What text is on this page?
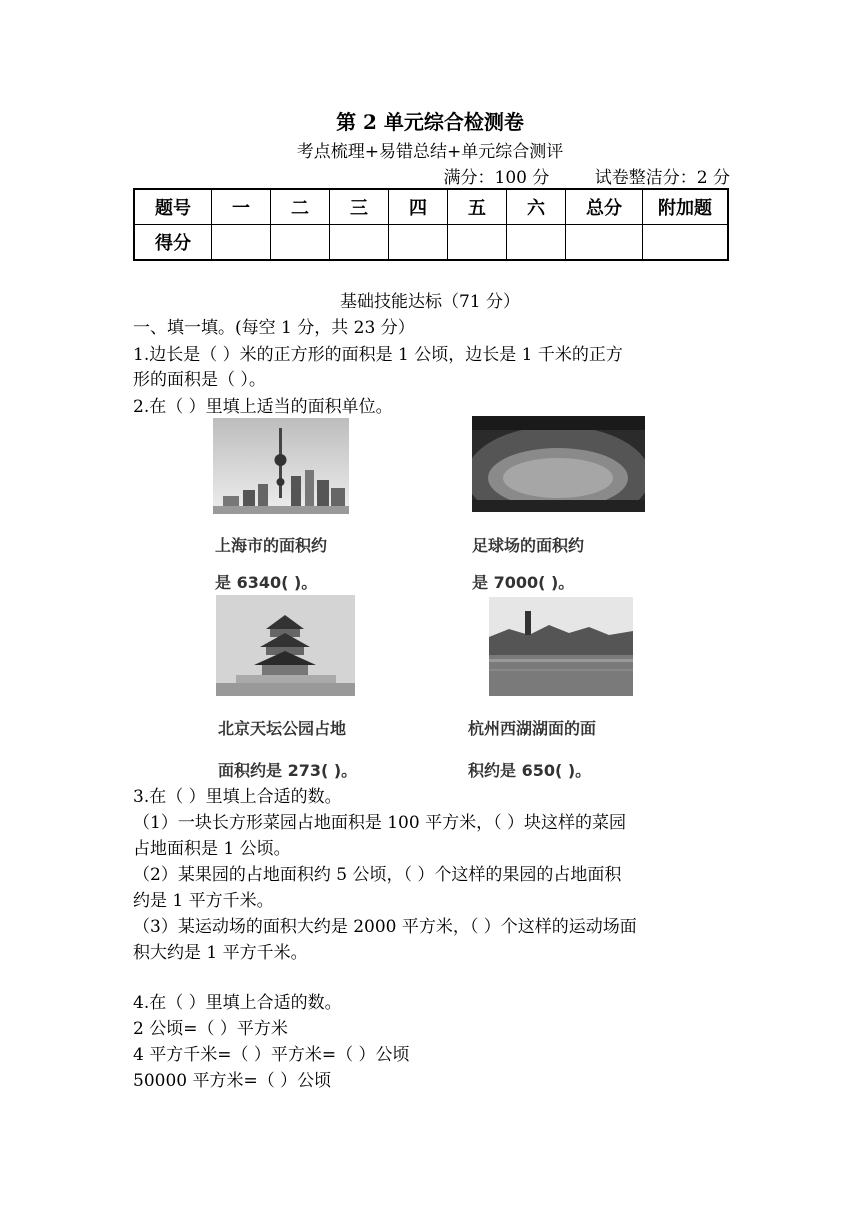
第 2 单元综合检测卷
考点梳理+易错总结+单元综合测评
满分：100 分	试卷整洁分：2 分
题号	一	二	三	四	五	六	总分	附加题
得分								
基础技能达标（71 分）
一、填一填。(每空 1 分，共 23 分）
1.边长是（ ）米的正方形的面积是 1 公顷，边长是 1 千米的正方
形的面积是（ ）。
2.在（ ）里填上适当的面积单位。
上海市的面积约
是 6340( )。
足球场的面积约
是 7000( )。
北京天坛公园占地
面积约是 273( )。
杭州西湖湖面的面
积约是 650( )。
3.在（ ）里填上合适的数。
（1）一块长方形菜园占地面积是 100 平方米，（ ）块这样的菜园
占地面积是 1 公顷。
（2）某果园的占地面积约 5 公顷，（ ）个这样的果园的占地面积
约是 1 平方千米。
（3）某运动场的面积大约是 2000 平方米，（ ）个这样的运动场面
积大约是 1 平方千米。
4.在（ ）里填上合适的数。
2 公顷=（ ）平方米
4 平方千米=（ ）平方米=（ ）公顷
50000 平方米=（ ）公顷
